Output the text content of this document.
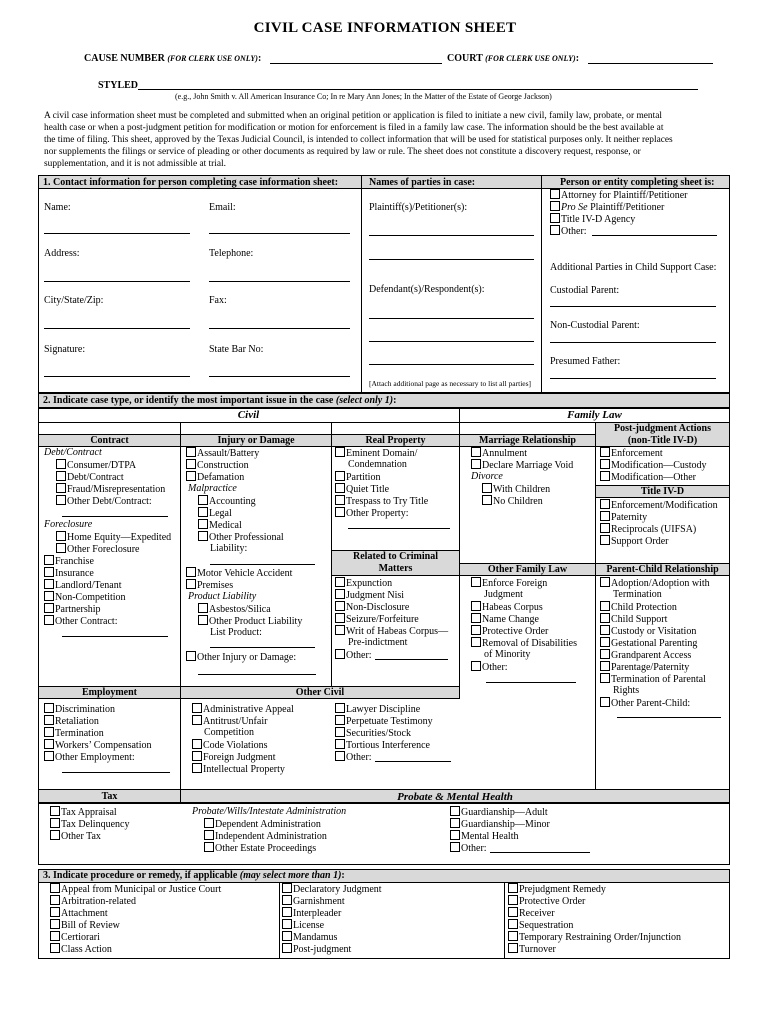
CIVIL CASE INFORMATION SHEET
CAUSE NUMBER (FOR CLERK USE ONLY):	COURT (FOR CLERK USE ONLY):
STYLED
(e.g., John Smith v. All American Insurance Co; In re Mary Ann Jones; In the Matter of the Estate of George Jackson)
A civil case information sheet must be completed and submitted when an original petition or application is filed to initiate a new civil, family law, probate, or mental
health case or when a post-judgment petition for modification or motion for enforcement is filed in a family law case. The information should be the best available at
the time of filing. This sheet, approved by the Texas Judicial Council, is intended to collect information that will be used for statistical purposes only. It neither replaces
nor supplements the filings or service of pleading or other documents as required by law or rule. The sheet does not constitute a discovery request, response, or
supplementation, and it is not admissible at trial.
1. Contact information for person completing case information sheet:	Names of parties in case:	Person or entity completing sheet is:
Name:	Email:
Address:	Telephone:
City/State/Zip:	Fax:
Signature:	State Bar No:
Plaintiff(s)/Petitioner(s):
Defendant(s)/Respondent(s):
[Attach additional page as necessary to list all parties]
Attorney for Plaintiff/Petitioner
Pro Se Plaintiff/Petitioner
Title IV-D Agency
Other:
Additional Parties in Child Support Case:
Custodial Parent:
Non-Custodial Parent:
Presumed Father:
2. Indicate case type, or identify the most important issue in the case (select only 1):
Civil	Family Law
Contract
Debt/Contract
Consumer/DTPA
Debt/Contract
Fraud/Misrepresentation
Other Debt/Contract:
Foreclosure
Home Equity—Expedited
Other Foreclosure
Franchise
Insurance
Landlord/Tenant
Non-Competition
Partnership
Other Contract:
Injury or Damage
Assault/Battery
Construction
Defamation
Malpractice
Accounting
Legal
Medical
Other Professional
Liability:
Motor Vehicle Accident
Premises
Product Liability
Asbestos/Silica
Other Product Liability
List Product:
Other Injury or Damage:
Real Property
Eminent Domain/
Condemnation
Partition
Quiet Title
Trespass to Try Title
Other Property:
Related to Criminal
Matters
Expunction
Judgment Nisi
Non-Disclosure
Seizure/Forfeiture
Writ of Habeas Corpus—
Pre-indictment
Other:
Marriage Relationship
Annulment
Declare Marriage Void
Divorce
With Children
No Children
Other Family Law
Enforce Foreign
Judgment
Habeas Corpus
Name Change
Protective Order
Removal of Disabilities
of Minority
Other:
Post-judgment Actions
(non-Title IV-D)
Enforcement
Modification—Custody
Modification—Other
Title IV-D
Enforcement/Modification
Paternity
Reciprocals (UIFSA)
Support Order
Parent-Child Relationship
Adoption/Adoption with
Termination
Child Protection
Child Support
Custody or Visitation
Gestational Parenting
Grandparent Access
Parentage/Paternity
Termination of Parental
Rights
Other Parent-Child:
Employment	Other Civil
Discrimination
Retaliation
Termination
Workers’ Compensation
Other Employment:
Administrative Appeal
Antitrust/Unfair
Competition
Code Violations
Foreign Judgment
Intellectual Property
Lawyer Discipline
Perpetuate Testimony
Securities/Stock
Tortious Interference
Other:
Tax	Probate & Mental Health
Tax Appraisal
Tax Delinquency
Other Tax
Probate/Wills/Intestate Administration
Dependent Administration
Independent Administration
Other Estate Proceedings
Guardianship—Adult
Guardianship—Minor
Mental Health
Other:
3. Indicate procedure or remedy, if applicable (may select more than 1):
Appeal from Municipal or Justice Court
Arbitration-related
Attachment
Bill of Review
Certiorari
Class Action
Declaratory Judgment
Garnishment
Interpleader
License
Mandamus
Post-judgment
Prejudgment Remedy
Protective Order
Receiver
Sequestration
Temporary Restraining Order/Injunction
Turnover
